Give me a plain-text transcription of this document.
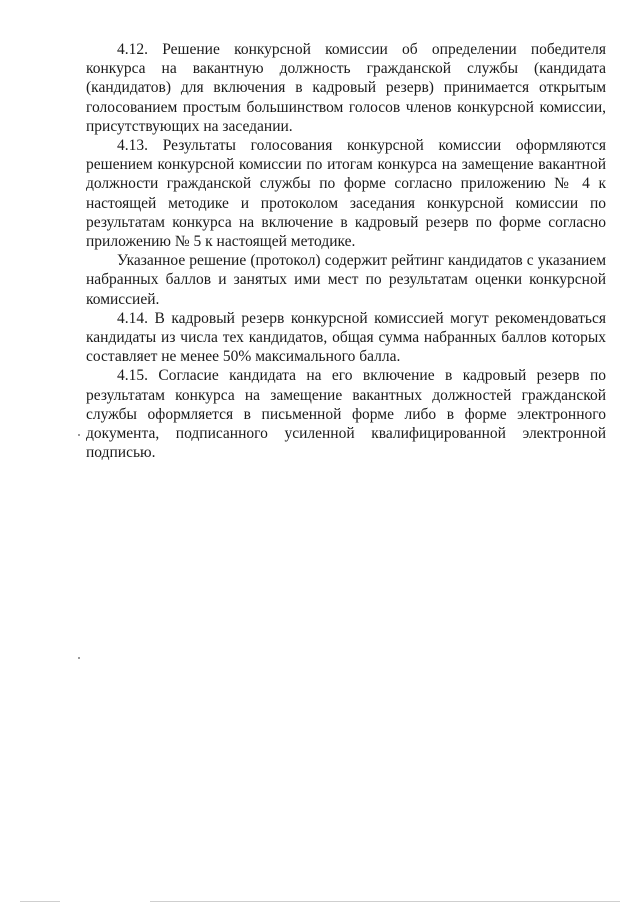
4.12. Решение конкурсной комиссии об определении победителя конкурса на вакантную должность гражданской службы (кандидата (кандидатов) для включения в кадровый резерв) принимается открытым голосованием простым большинством голосов членов конкурсной комиссии, присутствующих на заседании.

4.13. Результаты голосования конкурсной комиссии оформляются решением конкурсной комиссии по итогам конкурса на замещение вакантной должности гражданской службы по форме согласно приложению № 4 к настоящей методике и протоколом заседания конкурсной комиссии по результатам конкурса на включение в кадровый резерв по форме согласно приложению № 5 к настоящей методике.

Указанное решение (протокол) содержит рейтинг кандидатов с указанием набранных баллов и занятых ими мест по результатам оценки конкурсной комиссией.

4.14. В кадровый резерв конкурсной комиссией могут рекомендоваться кандидаты из числа тех кандидатов, общая сумма набранных баллов которых составляет не менее 50% максимального балла.

4.15. Согласие кандидата на его включение в кадровый резерв по результатам конкурса на замещение вакантных должностей гражданской службы оформляется в письменной форме либо в форме электронного документа, подписанного усиленной квалифицированной электронной подписью.
